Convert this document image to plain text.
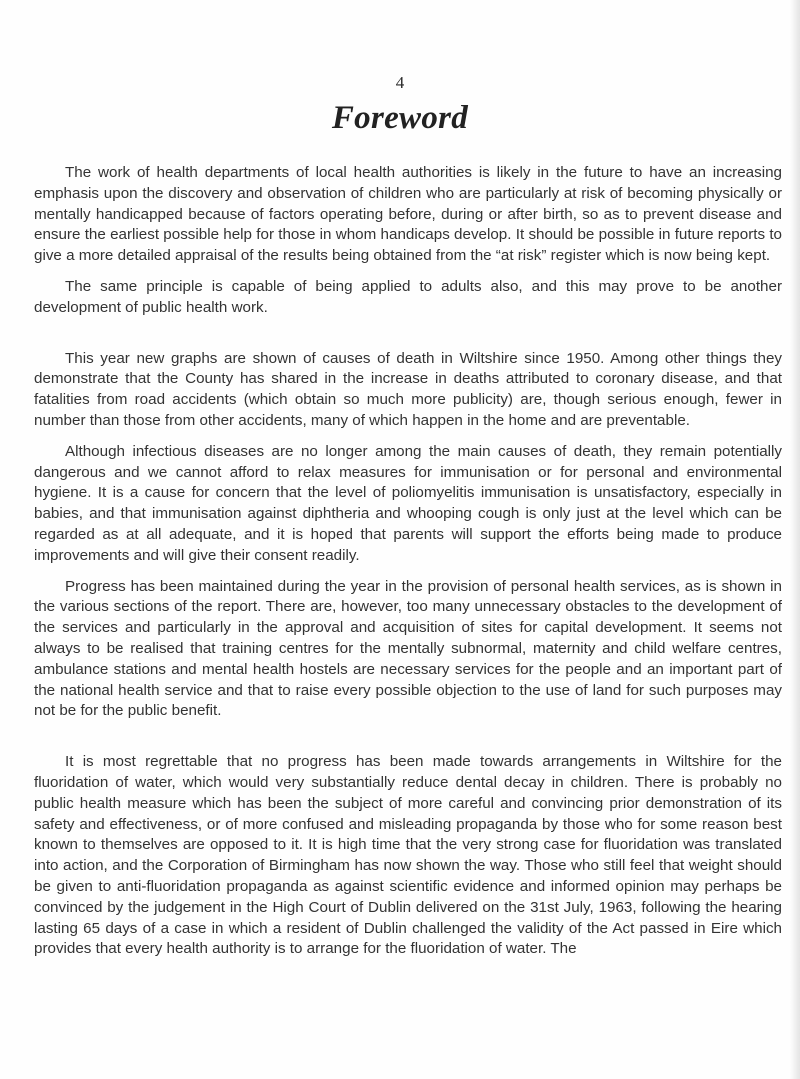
4
Foreword

The work of health departments of local health authorities is likely in the future to have an increasing emphasis upon the discovery and observation of children who are particularly at risk of becoming physically or mentally handicapped because of factors operating before, during or after birth, so as to prevent disease and ensure the earliest possible help for those in whom handicaps develop. It should be possible in future reports to give a more detailed appraisal of the results being obtained from the “at risk” register which is now being kept.

The same principle is capable of being applied to adults also, and this may prove to be another development of public health work.

This year new graphs are shown of causes of death in Wiltshire since 1950. Among other things they demonstrate that the County has shared in the increase in deaths attributed to coronary disease, and that fatalities from road accidents (which obtain so much more publicity) are, though serious enough, fewer in number than those from other accidents, many of which happen in the home and are preventable.

Although infectious diseases are no longer among the main causes of death, they remain potentially dangerous and we cannot afford to relax measures for immunisation or for personal and environmental hygiene. It is a cause for concern that the level of poliomyelitis immunisation is unsatisfactory, especially in babies, and that immunisation against diphtheria and whooping cough is only just at the level which can be regarded as at all adequate, and it is hoped that parents will support the efforts being made to produce improvements and will give their consent readily.

Progress has been maintained during the year in the provision of personal health services, as is shown in the various sections of the report. There are, however, too many unnecessary obstacles to the development of the services and particularly in the approval and acquisition of sites for capital development. It seems not always to be realised that training centres for the mentally subnormal, maternity and child welfare centres, ambulance stations and mental health hostels are necessary services for the people and an important part of the national health service and that to raise every possible objection to the use of land for such purposes may not be for the public benefit.

It is most regrettable that no progress has been made towards arrangements in Wiltshire for the fluoridation of water, which would very substantially reduce dental decay in children. There is probably no public health measure which has been the subject of more careful and convincing prior demonstration of its safety and effectiveness, or of more confused and misleading propaganda by those who for some reason best known to themselves are opposed to it. It is high time that the very strong case for fluoridation was translated into action, and the Corporation of Birmingham has now shown the way. Those who still feel that weight should be given to anti-fluoridation propaganda as against scientific evidence and informed opinion may perhaps be convinced by the judgement in the High Court of Dublin delivered on the 31st July, 1963, following the hearing lasting 65 days of a case in which a resident of Dublin challenged the validity of the Act passed in Eire which provides that every health authority is to arrange for the fluoridation of water. The
